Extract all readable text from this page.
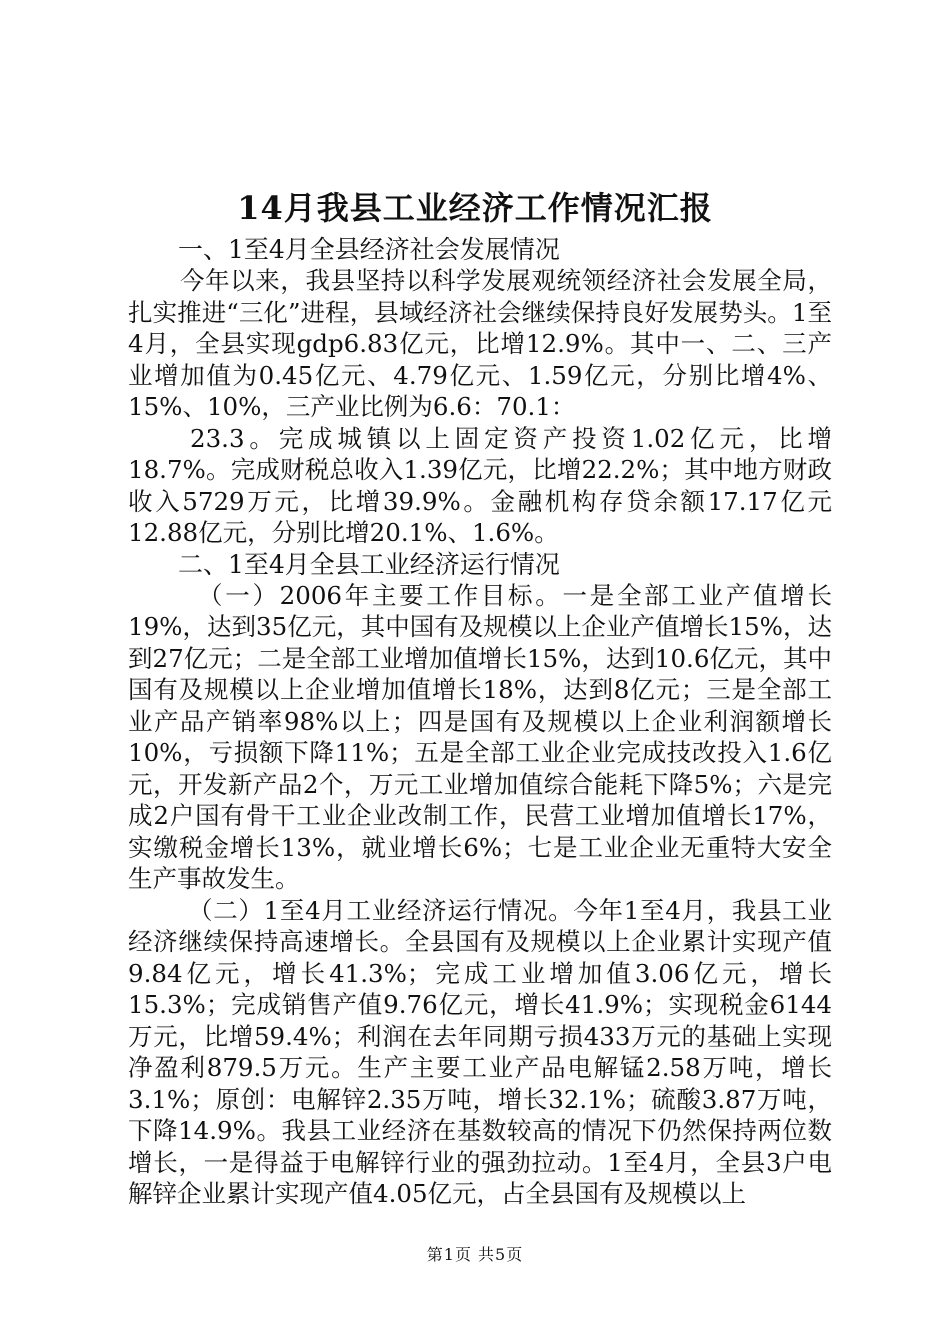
14月我县工业经济工作情况汇报

一、1至4月全县经济社会发展情况

今年以来，我县坚持以科学发展观统领经济社会发展全局，扎实推进“三化”进程，县域经济社会继续保持良好发展势头。1至4月，全县实现gdp6.83亿元，比增12.9%。其中一、二、三产业增加值为0.45亿元、4.79亿元、1.59亿元，分别比增4%、15%、10%，三产业比例为6.6：70.1：

23.3。完成城镇以上固定资产投资1.02亿元，比增18.7%。完成财税总收入1.39亿元，比增22.2%；其中地方财政收入5729万元，比增39.9%。金融机构存贷余额17.17亿元12.88亿元，分别比增20.1%、1.6%。

二、1至4月全县工业经济运行情况

（一）2006年主要工作目标。一是全部工业产值增长19%，达到35亿元，其中国有及规模以上企业产值增长15%，达到27亿元；二是全部工业增加值增长15%，达到10.6亿元，其中国有及规模以上企业增加值增长18%，达到8亿元；三是全部工业产品产销率98%以上；四是国有及规模以上企业利润额增长10%，亏损额下降11%；五是全部工业企业完成技改投入1.6亿元，开发新产品2个，万元工业增加值综合能耗下降5%；六是完成2户国有骨干工业企业改制工作，民营工业增加值增长17%，实缴税金增长13%，就业增长6%；七是工业企业无重特大安全生产事故发生。

（二）1至4月工业经济运行情况。今年1至4月，我县工业经济继续保持高速增长。全县国有及规模以上企业累计实现产值9.84亿元，增长41.3%；完成工业增加值3.06亿元，增长15.3%；完成销售产值9.76亿元，增长41.9%；实现税金6144万元，比增59.4%；利润在去年同期亏损433万元的基础上实现净盈利879.5万元。生产主要工业产品电解锰2.58万吨，增长3.1%；原创：电解锌2.35万吨，增长32.1%；硫酸3.87万吨，下降14.9%。我县工业经济在基数较高的情况下仍然保持两位数增长，一是得益于电解锌行业的强劲拉动。1至4月，全县3户电解锌企业累计实现产值4.05亿元，占全县国有及规模以上

第1页 共5页
